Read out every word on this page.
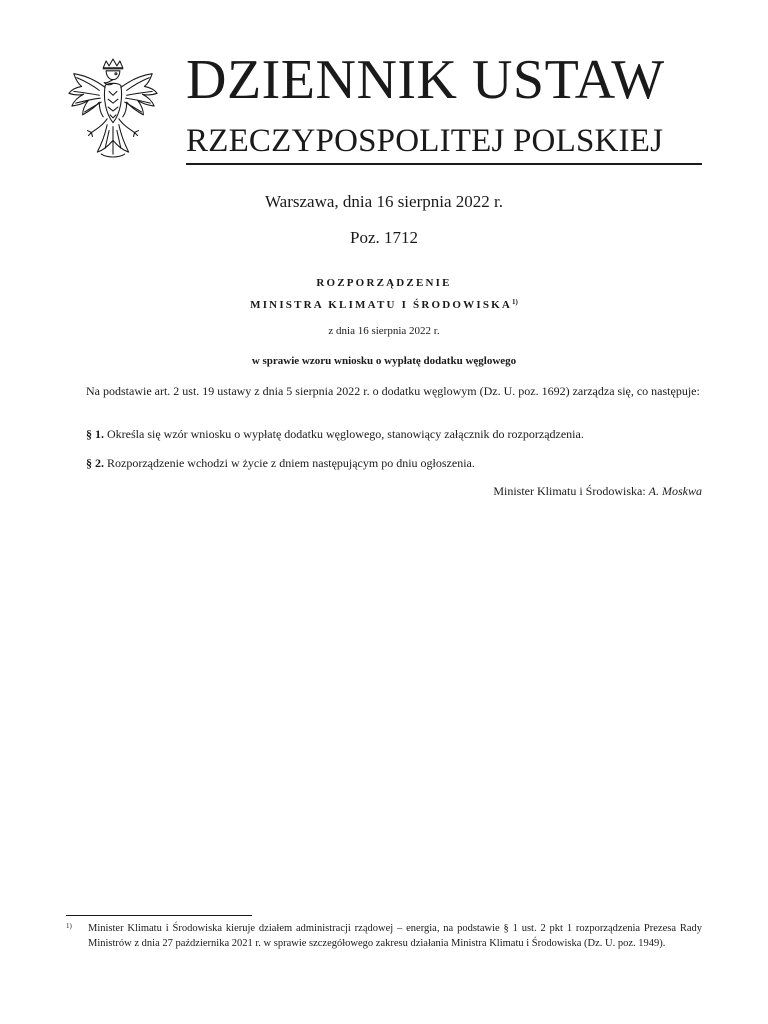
DZIENNIK USTAW
RZECZYPOSPOLITEJ POLSKIEJ
Warszawa, dnia 16 sierpnia 2022 r.
Poz. 1712
ROZPORZĄDZENIE
MINISTRA KLIMATU I ŚRODOWISKA$^{1)}$
z dnia 16 sierpnia 2022 r.
w sprawie wzoru wniosku o wypłatę dodatku węglowego
Na podstawie art. 2 ust. 19 ustawy z dnia 5 sierpnia 2022 r. o dodatku węglowym (Dz. U. poz. 1692) zarządza się, co następuje:
§ 1. Określa się wzór wniosku o wypłatę dodatku węglowego, stanowiący załącznik do rozporządzenia.
§ 2. Rozporządzenie wchodzi w życie z dniem następującym po dniu ogłoszenia.
Minister Klimatu i Środowiska: A. Moskwa
1) Minister Klimatu i Środowiska kieruje działem administracji rządowej – energia, na podstawie § 1 ust. 2 pkt 1 rozporządzenia Prezesa Rady Ministrów z dnia 27 października 2021 r. w sprawie szczegółowego zakresu działania Ministra Klimatu i Środowiska (Dz. U. poz. 1949).
